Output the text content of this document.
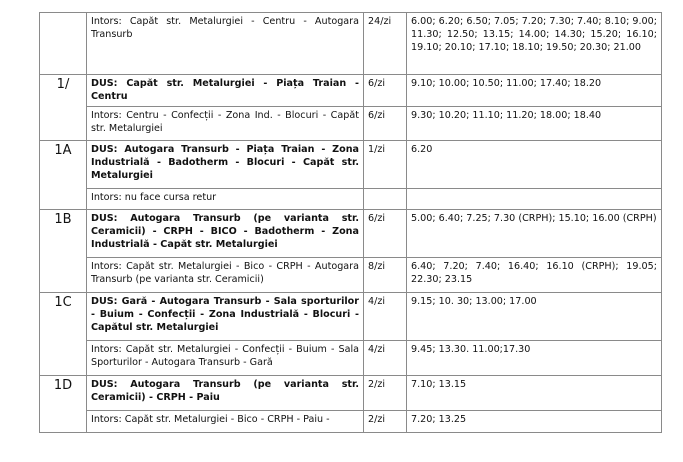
	Intors: Capăt str. Metalurgiei - Centru - Autogara Transurb	24/zi	6.00; 6.20; 6.50; 7.05; 7.20; 7.30; 7.40; 8.10; 9.00; 11.30; 12.50; 13.15; 14.00; 14.30; 15.20; 16.10; 19.10; 20.10; 17.10; 18.10; 19.50; 20.30; 21.00
1/	DUS: Capăt str. Metalurgiei - Piața Traian - Centru	6/zi	9.10; 10.00; 10.50; 11.00; 17.40; 18.20
	Intors: Centru - Confecții - Zona Ind. - Blocuri - Capăt str. Metalurgiei	6/zi	9.30; 10.20; 11.10; 11.20; 18.00; 18.40
1A	DUS: Autogara Transurb - Piața Traian - Zona Industrială - Badotherm - Blocuri - Capăt str. Metalurgiei	1/zi	6.20
	Intors: nu face cursa retur		
1B	DUS: Autogara Transurb (pe varianta str. Ceramicii) - CRPH - BICO - Badotherm - Zona Industrială - Capăt str. Metalurgiei	6/zi	5.00; 6.40; 7.25; 7.30 (CRPH); 15.10; 16.00 (CRPH)
	Intors: Capăt str. Metalurgiei - Bico - CRPH - Autogara Transurb (pe varianta str. Ceramicii)	8/zi	6.40; 7.20; 7.40; 16.40; 16.10 (CRPH); 19.05; 22.30; 23.15
1C	DUS: Gară - Autogara Transurb - Sala sporturilor - Buium - Confecții - Zona Industrială - Blocuri - Capătul str. Metalurgiei	4/zi	9.15; 10. 30; 13.00; 17.00
	Intors: Capăt str. Metalurgiei - Confecții - Buium - Sala Sporturilor - Autogara Transurb - Gară	4/zi	9.45; 13.30. 11.00;17.30
1D	DUS: Autogara Transurb (pe varianta str. Ceramicii) - CRPH - Paiu	2/zi	7.10; 13.15
	Intors: Capăt str. Metalurgiei - Bico - CRPH - Paiu -	2/zi	7.20; 13.25
